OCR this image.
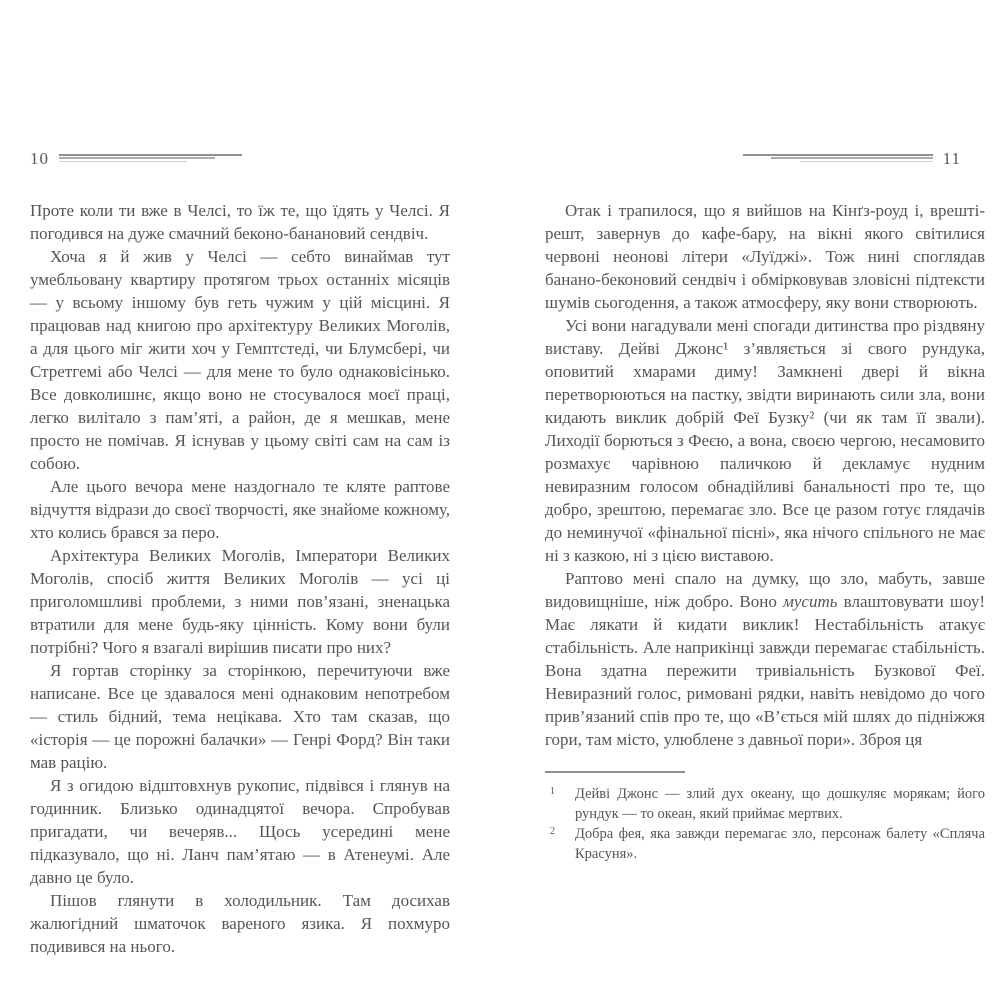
10

Проте коли ти вже в Челсі, то їж те, що їдять у Челсі. Я погодився на дуже смачний беконо-банановий сендвіч.

Хоча я й жив у Челсі — себто винаймав тут умебльовану квартиру протягом трьох останніх місяців — у всьому іншому був геть чужим у цій місцині. Я працював над книгою про архітектуру Великих Моголів, а для цього міг жити хоч у Гемптстеді, чи Блумсбері, чи Стретгемі або Челсі — для мене то було однаковісінько. Все довколишнє, якщо воно не стосувалося моєї праці, легко вилітало з пам’яті, а район, де я мешкав, мене просто не помічав. Я існував у цьому світі сам на сам із собою.

Але цього вечора мене наздогнало те кляте раптове відчуття відрази до своєї творчості, яке знайоме кожному, хто колись брався за перо.

Архітектура Великих Моголів, Імператори Великих Моголів, спосіб життя Великих Моголів — усі ці приголомшливі проблеми, з ними пов’язані, зненацька втратили для мене будь-яку цінність. Кому вони були потрібні? Чого я взагалі вирішив писати про них?

Я гортав сторінку за сторінкою, перечитуючи вже написане. Все це здавалося мені однаковим непотребом — стиль бідний, тема нецікава. Хто там сказав, що «історія — це порожні балачки» — Генрі Форд? Він таки мав рацію.

Я з огидою відштовхнув рукопис, підвівся і глянув на годинник. Близько одинадцятої вечора. Спробував пригадати, чи вечеряв... Щось усередині мене підказувало, що ні. Ланч пам’ятаю — в Атенеумі. Але давно це було.

Пішов глянути в холодильник. Там досихав жалюгідний шматочок вареного язика. Я похмуро подивився на нього.

11

Отак і трапилося, що я вийшов на Кінґз-роуд і, врешті-решт, завернув до кафе-бару, на вікні якого світилися червоні неонові літери «Луїджі». Тож нині споглядав банано-беконовий сендвіч і обмірковував зловісні підтексти шумів сьогодення, а також атмосферу, яку вони створюють.

Усі вони нагадували мені спогади дитинства про різдвяну виставу. Дейві Джонс¹ з’являється зі свого рундука, оповитий хмарами диму! Замкнені двері й вікна перетворюються на пастку, звідти виринають сили зла, вони кидають виклик добрій Феї Бузку² (чи як там її звали). Лиходії борються з Феєю, а вона, своєю чергою, несамовито розмахує чарівною паличкою й декламує нудним невиразним голосом обнадійливі банальності про те, що добро, зрештою, перемагає зло. Все це разом готує глядачів до неминучої «фінальної пісні», яка нічого спільного не має ні з казкою, ні з цією виставою.

Раптово мені спало на думку, що зло, мабуть, завше видовищніше, ніж добро. Воно мусить влаштовувати шоу! Має лякати й кидати виклик! Нестабільність атакує стабільність. Але наприкінці завжди перемагає стабільність. Вона здатна пережити тривіальність Бузкової Феї. Невиразний голос, римовані рядки, навіть невідомо до чого прив’язаний спів про те, що «В’ється мій шлях до підніжжя гори, там місто, улюблене з давньої пори». Зброя ця

1 Дейві Джонс — злий дух океану, що дошкуляє морякам; його рундук — то океан, який приймає мертвих.

2 Добра фея, яка завжди перемагає зло, персонаж балету «Спляча Красуня».
